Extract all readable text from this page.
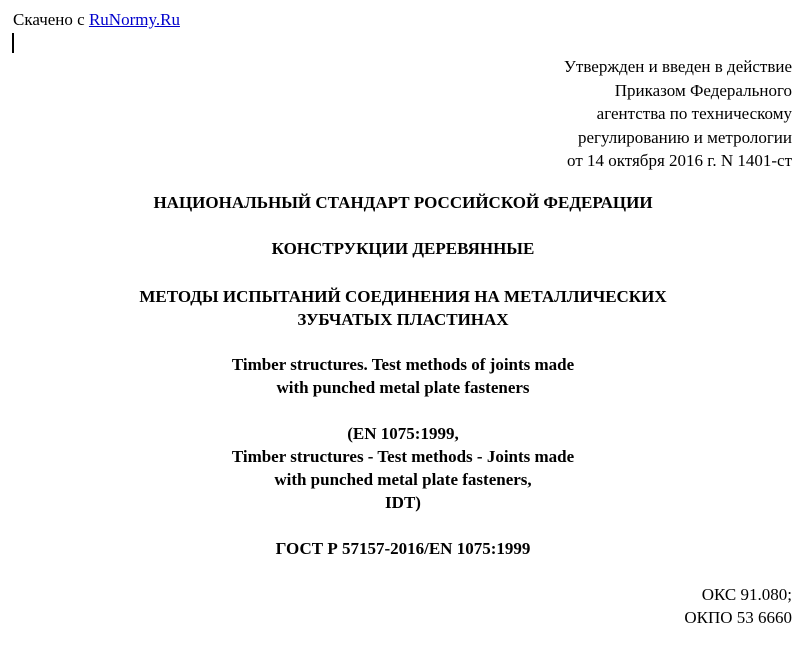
Скачено с RuNormy.Ru
Утвержден и введен в действие
Приказом Федерального
агентства по техническому
регулированию и метрологии
от 14 октября 2016 г. N 1401-ст
НАЦИОНАЛЬНЫЙ СТАНДАРТ РОССИЙСКОЙ ФЕДЕРАЦИИ
КОНСТРУКЦИИ ДЕРЕВЯННЫЕ
МЕТОДЫ ИСПЫТАНИЙ СОЕДИНЕНИЯ НА МЕТАЛЛИЧЕСКИХ
ЗУБЧАТЫХ ПЛАСТИНАХ
Timber structures. Test methods of joints made
with punched metal plate fasteners
(EN 1075:1999,
Timber structures - Test methods - Joints made
with punched metal plate fasteners,
IDT)
ГОСТ Р 57157-2016/EN 1075:1999
ОКС 91.080;
ОКПО 53 6660
